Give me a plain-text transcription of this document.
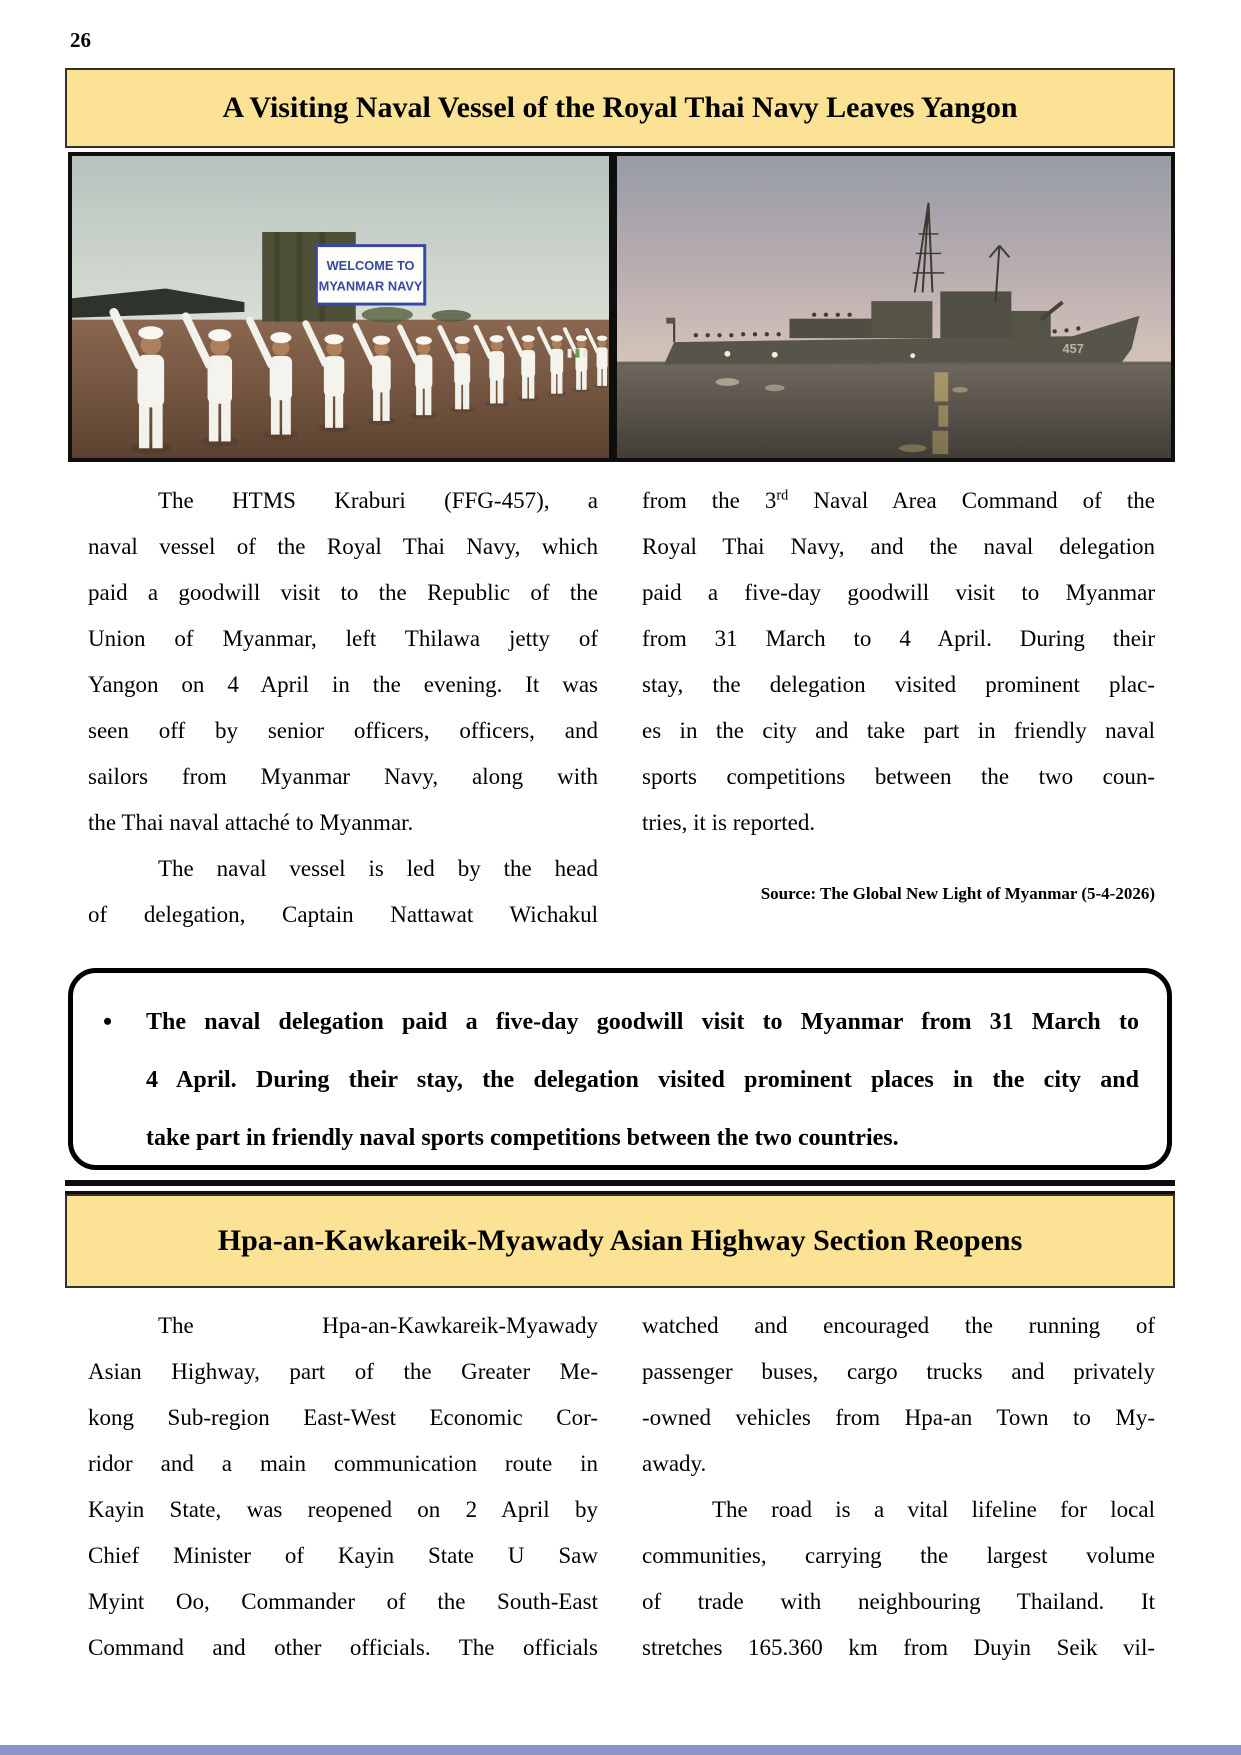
26
A Visiting Naval Vessel of the Royal Thai Navy Leaves Yangon
WELCOME TO
MYANMAR NAVY
457
The HTMS Kraburi (FFG-457), a
naval vessel of the Royal Thai Navy, which
paid a goodwill visit to the Republic of the
Union of Myanmar, left Thilawa jetty of
Yangon on 4 April in the evening. It was
seen off by senior officers, officers, and
sailors from Myanmar Navy, along with
the Thai naval attaché to Myanmar.
The naval vessel is led by the head
of delegation, Captain Nattawat Wichakul
from the 3rd Naval Area Command of the
Royal Thai Navy, and the naval delegation
paid a five-day goodwill visit to Myanmar
from 31 March to 4 April. During their
stay, the delegation visited prominent plac-
es in the city and take part in friendly naval
sports competitions between the two coun-
tries, it is reported.
Source: The Global New Light of Myanmar (5-4-2026)
• The naval delegation paid a five-day goodwill visit to Myanmar from 31 March to
4 April. During their stay, the delegation visited prominent places in the city and
take part in friendly naval sports competitions between the two countries.
Hpa-an-Kawkareik-Myawady Asian Highway Section Reopens
The Hpa-an-Kawkareik-Myawady
Asian Highway, part of the Greater Me-
kong Sub-region East-West Economic Cor-
ridor and a main communication route in
Kayin State, was reopened on 2 April by
Chief Minister of Kayin State U Saw
Myint Oo, Commander of the South-East
Command and other officials. The officials
watched and encouraged the running of
passenger buses, cargo trucks and privately
-owned vehicles from Hpa-an Town to My-
awady.
The road is a vital lifeline for local
communities, carrying the largest volume
of trade with neighbouring Thailand. It
stretches 165.360 km from Duyin Seik vil-
